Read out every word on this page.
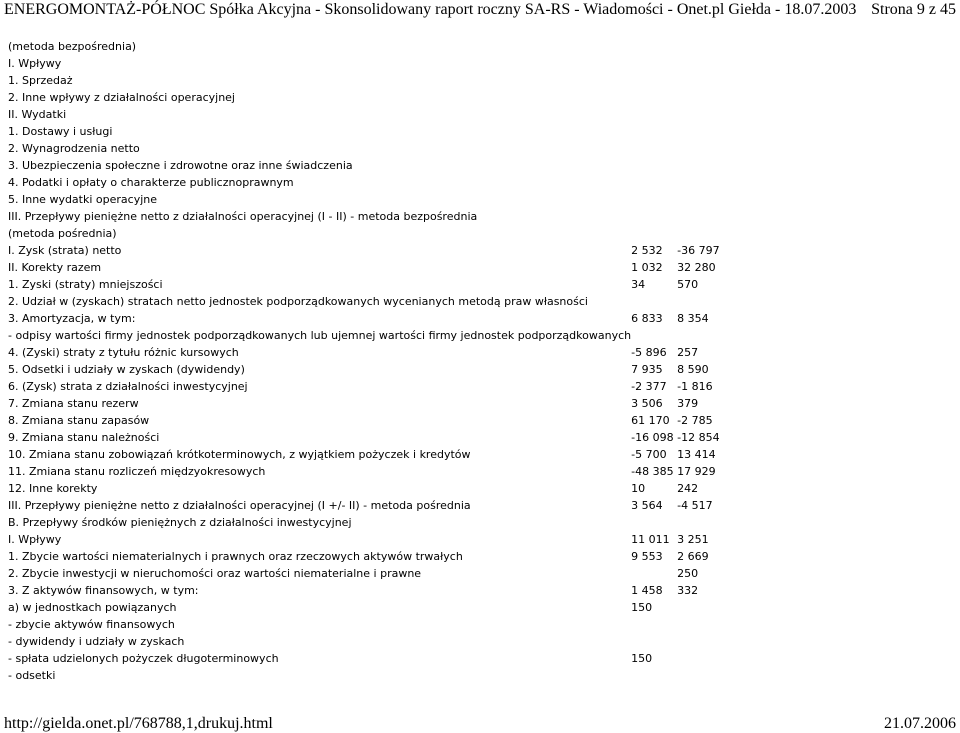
ENERGOMONTAŻ-PÓŁNOC Spółka Akcyjna - Skonsolidowany raport roczny SA-RS - Wiadomości - Onet.pl Giełda - 18.07.2003 Strona 9 z 45
(metoda bezpośrednia)
I. Wpływy
1. Sprzedaż
2. Inne wpływy z działalności operacyjnej
II. Wydatki
1. Dostawy i usługi
2. Wynagrodzenia netto
3. Ubezpieczenia społeczne i zdrowotne oraz inne świadczenia
4. Podatki i opłaty o charakterze publicznoprawnym
5. Inne wydatki operacyjne
III. Przepływy pieniężne netto z działalności operacyjnej (I - II) - metoda bezpośrednia
(metoda pośrednia)
I. Zysk (strata) netto	2 532	-36 797
II. Korekty razem	1 032	32 280
1. Zyski (straty) mniejszości	34	570
2. Udział w (zyskach) stratach netto jednostek podporządkowanych wycenianych metodą praw własności		
3. Amortyzacja, w tym:	6 833	8 354
- odpisy wartości firmy jednostek podporządkowanych lub ujemnej wartości firmy jednostek podporządkowanych		
4. (Zyski) straty z tytułu różnic kursowych	-5 896	257
5. Odsetki i udziały w zyskach (dywidendy)	7 935	8 590
6. (Zysk) strata z działalności inwestycyjnej	-2 377	-1 816
7. Zmiana stanu rezerw	3 506	379
8. Zmiana stanu zapasów	61 170	-2 785
9. Zmiana stanu należności	-16 098	-12 854
10. Zmiana stanu zobowiązań krótkoterminowych, z wyjątkiem pożyczek i kredytów	-5 700	13 414
11. Zmiana stanu rozliczeń międzyokresowych	-48 385	17 929
12. Inne korekty	10	242
III. Przepływy pieniężne netto z działalności operacyjnej (I +/- II) - metoda pośrednia	3 564	-4 517
B. Przepływy środków pieniężnych z działalności inwestycyjnej		
I. Wpływy	11 011	3 251
1. Zbycie wartości niematerialnych i prawnych oraz rzeczowych aktywów trwałych	9 553	2 669
2. Zbycie inwestycji w nieruchomości oraz wartości niematerialne i prawne		250
3. Z aktywów finansowych, w tym:	1 458	332
a) w jednostkach powiązanych	150	
- zbycie aktywów finansowych		
- dywidendy i udziały w zyskach		
- spłata udzielonych pożyczek długoterminowych	150	
- odsetki		
http://gielda.onet.pl/768788,1,drukuj.html	21.07.2006
